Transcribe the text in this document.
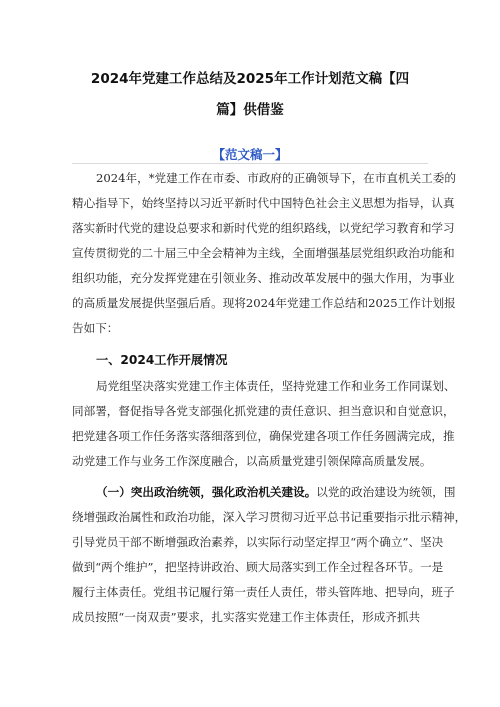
2024年党建工作总结及2025年工作计划范文稿【四
篇】供借鉴
【范文稿一】
2024年，*党建工作在市委、市政府的正确领导下，在市直机关工委的
精心指导下，始终坚持以习近平新时代中国特色社会主义思想为指导，认真
落实新时代党的建设总要求和新时代党的组织路线，以党纪学习教育和学习
宣传贯彻党的二十届三中全会精神为主线，全面增强基层党组织政治功能和
组织功能，充分发挥党建在引领业务、推动改革发展中的强大作用，为事业
的高质量发展提供坚强后盾。现将2024年党建工作总结和2025工作计划报
告如下：
一、2024工作开展情况
局党组坚决落实党建工作主体责任，坚持党建工作和业务工作同谋划、
同部署，督促指导各党支部强化抓党建的责任意识、担当意识和自觉意识，
把党建各项工作任务落实落细落到位，确保党建各项工作任务圆满完成，推
动党建工作与业务工作深度融合，以高质量党建引领保障高质量发展。
（一）突出政治统领，强化政治机关建设。以党的政治建设为统领，围
绕增强政治属性和政治功能，深入学习贯彻习近平总书记重要指示批示精神，
引导党员干部不断增强政治素养，以实际行动坚定捍卫“两个确立”、坚决
做到“两个维护”，把坚持讲政治、顾大局落实到工作全过程各环节。一是
履行主体责任。党组书记履行第一责任人责任，带头管阵地、把导向，班子
成员按照“一岗双责”要求，扎实落实党建工作主体责任，形成齐抓共
